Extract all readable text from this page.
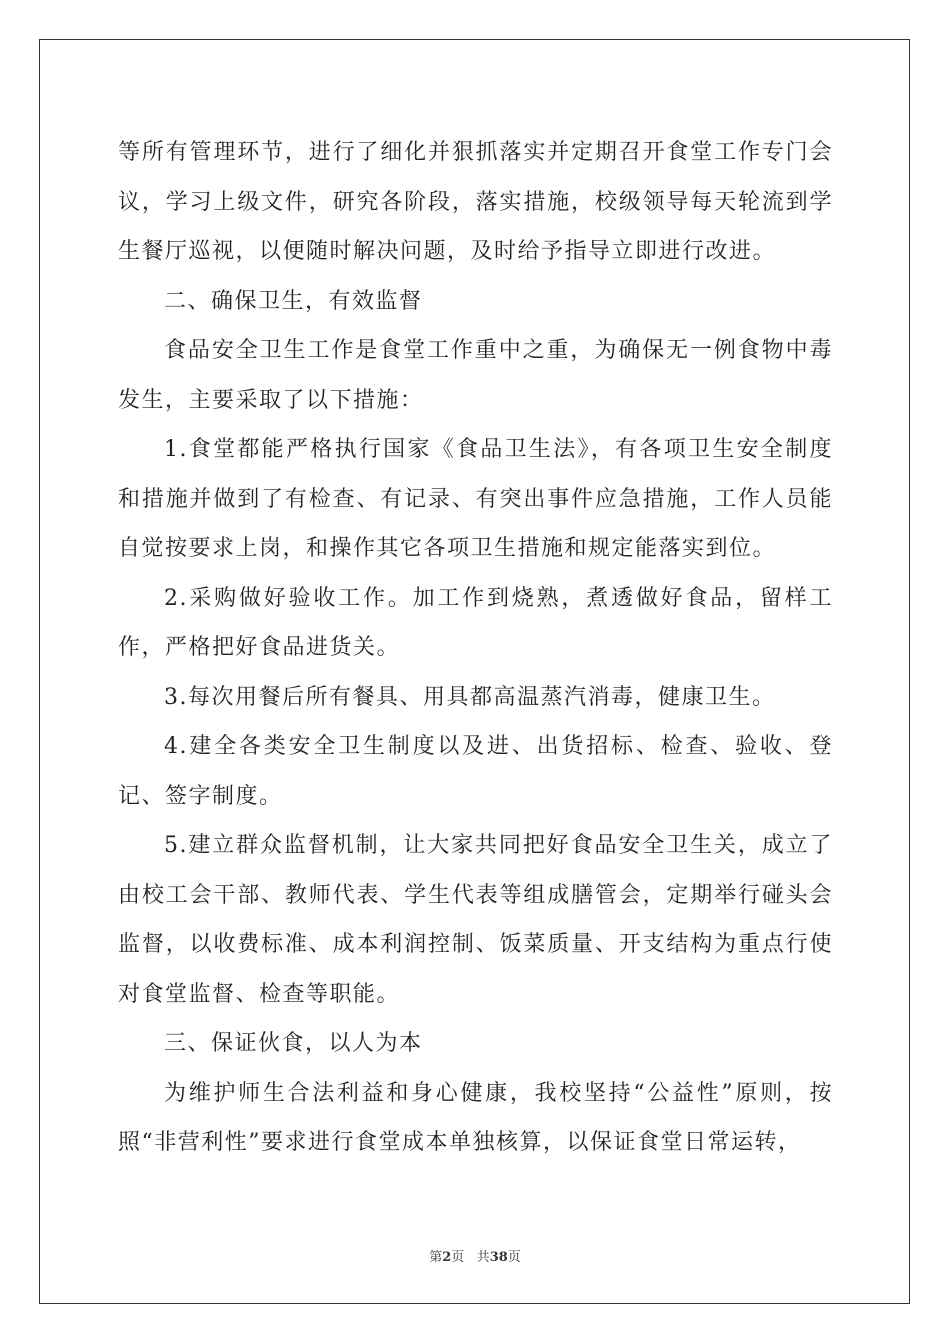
等所有管理环节，进行了细化并狠抓落实并定期召开食堂工作专门会议，学习上级文件，研究各阶段，落实措施，校级领导每天轮流到学生餐厅巡视，以便随时解决问题，及时给予指导立即进行改进。

二、确保卫生，有效监督

食品安全卫生工作是食堂工作重中之重，为确保无一例食物中毒发生，主要采取了以下措施：

1.食堂都能严格执行国家《食品卫生法》，有各项卫生安全制度和措施并做到了有检查、有记录、有突出事件应急措施，工作人员能自觉按要求上岗，和操作其它各项卫生措施和规定能落实到位。

2.采购做好验收工作。加工作到烧熟，煮透做好食品，留样工作，严格把好食品进货关。

3.每次用餐后所有餐具、用具都高温蒸汽消毒，健康卫生。

4.建全各类安全卫生制度以及进、出货招标、检查、验收、登记、签字制度。

5.建立群众监督机制，让大家共同把好食品安全卫生关，成立了由校工会干部、教师代表、学生代表等组成膳管会，定期举行碰头会监督，以收费标准、成本利润控制、饭菜质量、开支结构为重点行使对食堂监督、检查等职能。

三、保证伙食，以人为本

为维护师生合法利益和身心健康，我校坚持“公益性”原则，按照“非营利性”要求进行食堂成本单独核算，以保证食堂日常运转，

第2页 共38页
